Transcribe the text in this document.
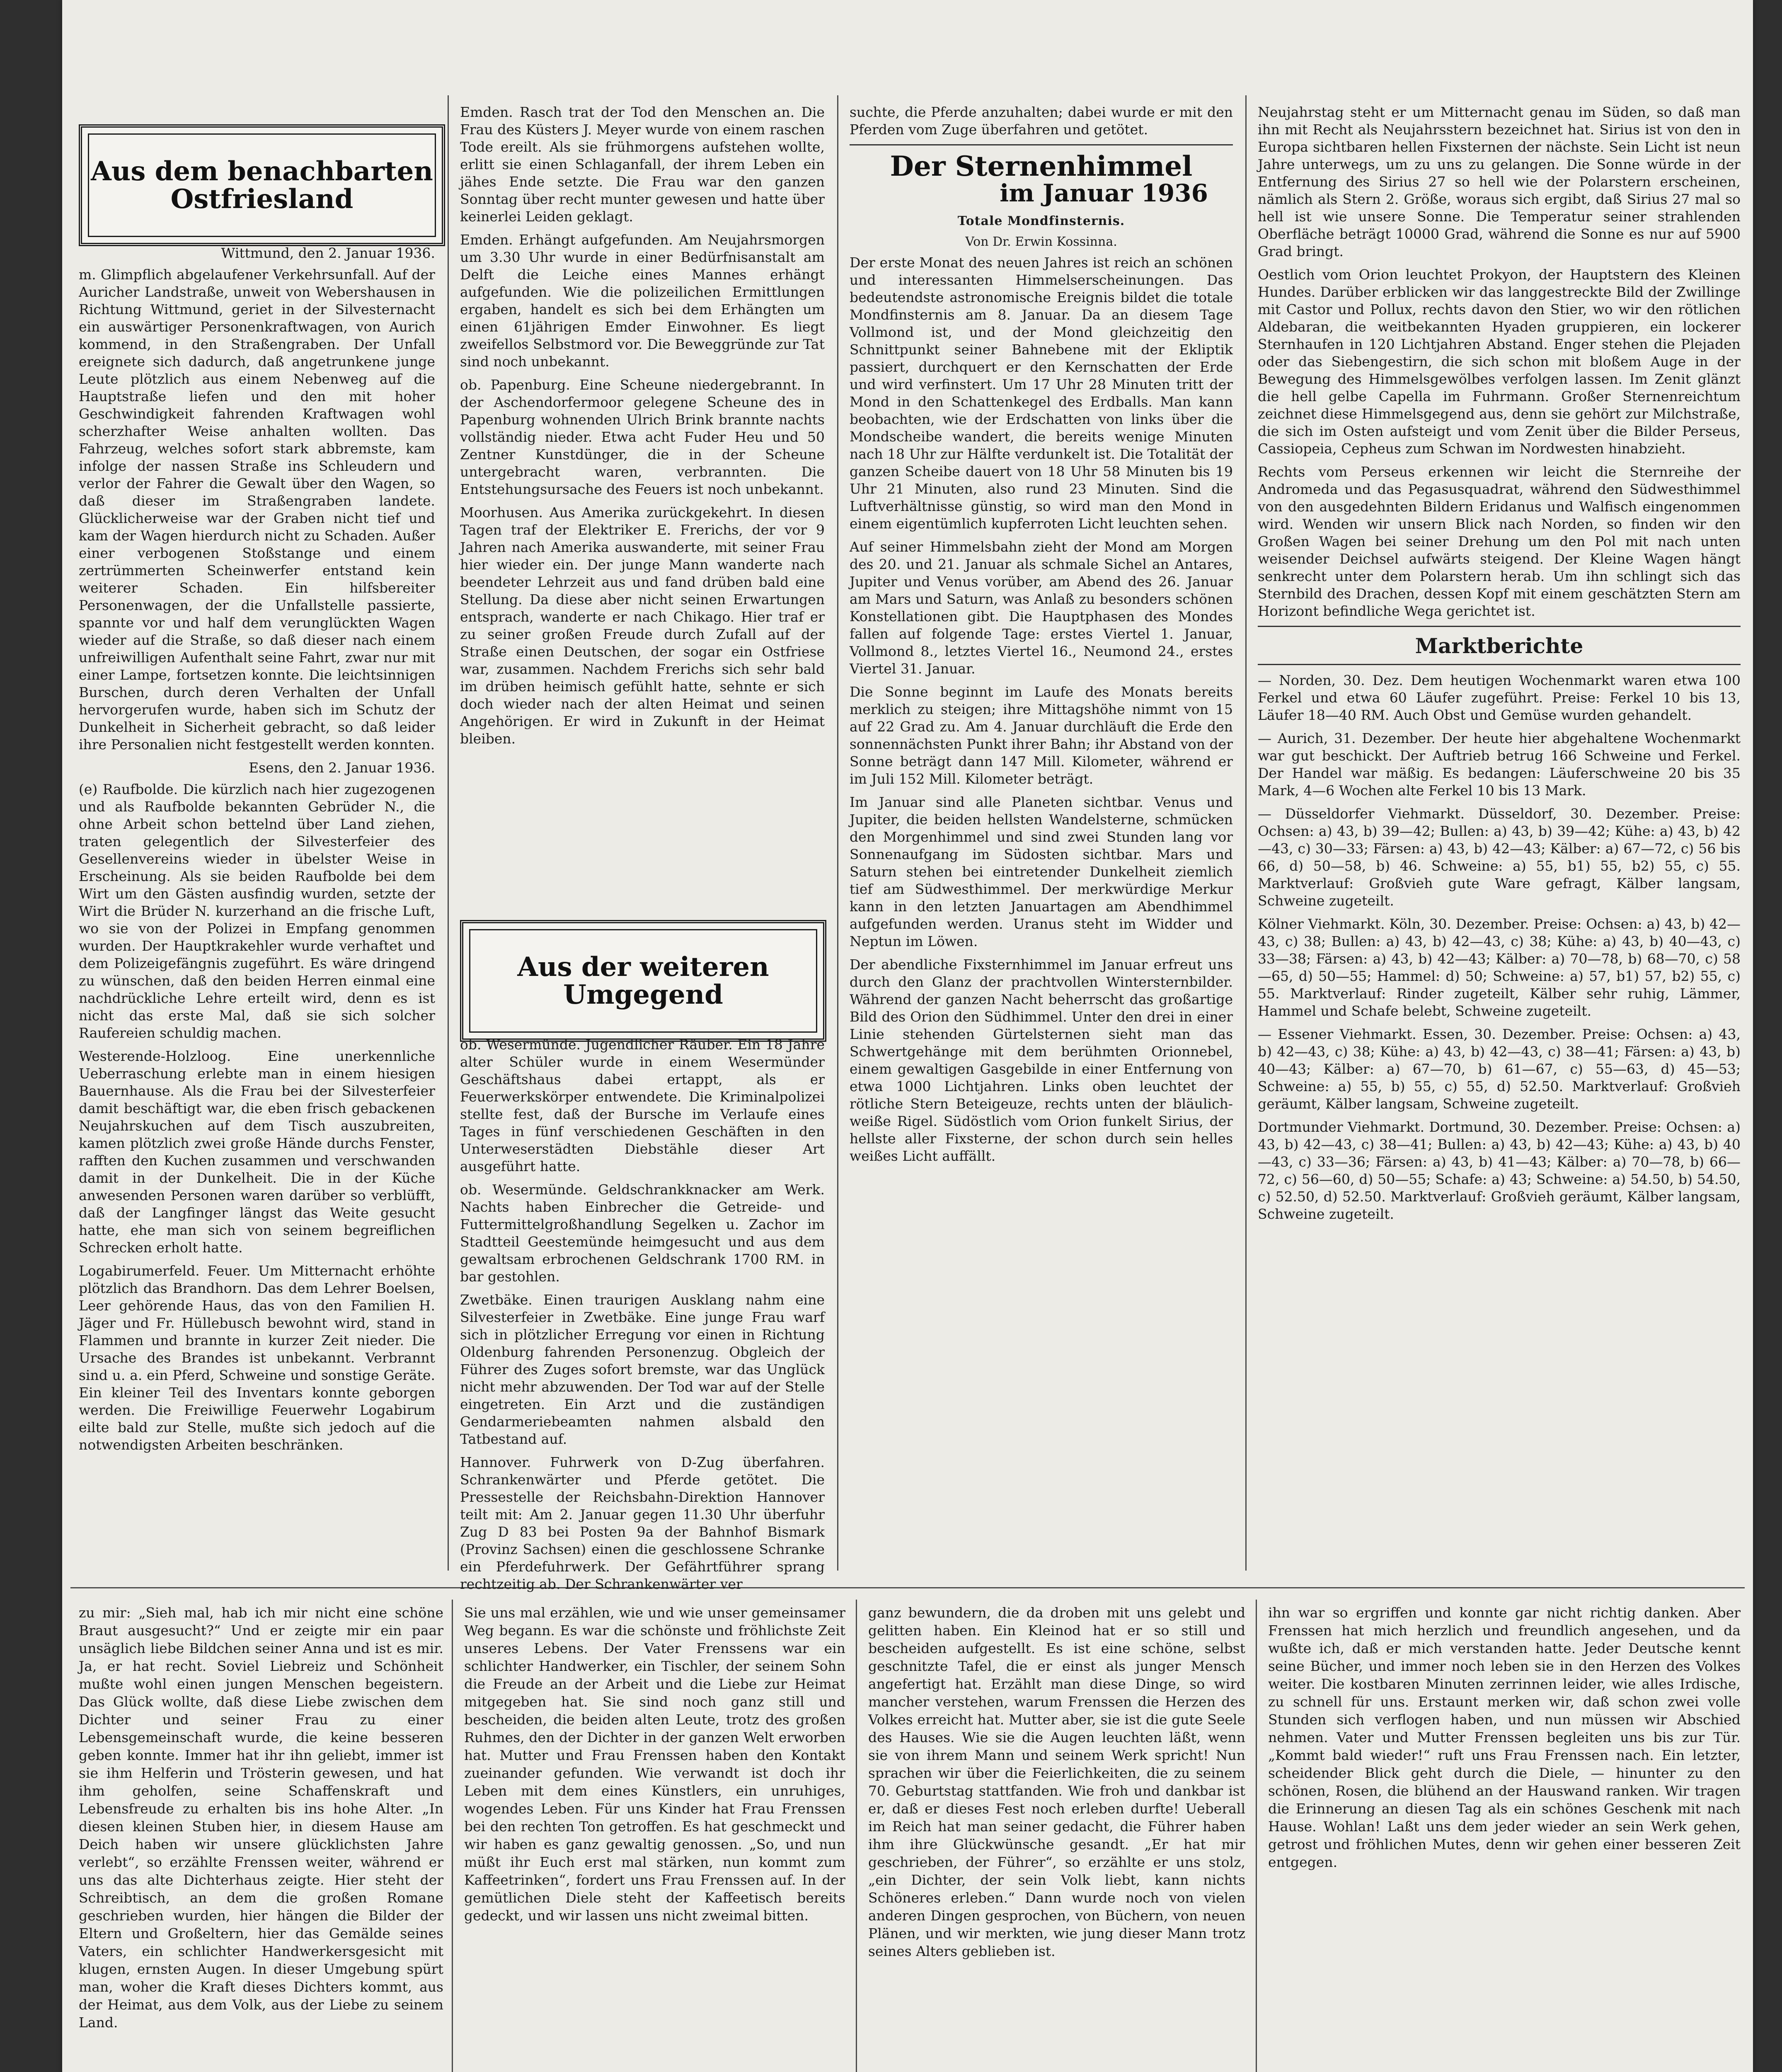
Aus dem benachbarten
Ostfriesland

Wittmund, den 2. Januar 1936.

m. Glimpflich abgelaufener Verkehrsunfall. Auf der Auricher Landstraße, unweit von Webershausen in Richtung Wittmund, geriet in der Silvesternacht ein auswärtiger Personenkraftwagen, von Aurich kommend, in den Straßengraben. Der Unfall ereignete sich dadurch, daß angetrunkene junge Leute plötzlich aus einem Nebenweg auf die Hauptstraße liefen und den mit hoher Geschwindigkeit fahrenden Kraftwagen wohl scherzhafter Weise anhalten wollten. Das Fahrzeug, welches sofort stark abbremste, kam infolge der nassen Straße ins Schleudern und verlor der Fahrer die Gewalt über den Wagen, so daß dieser im Straßengraben landete. Glücklicherweise war der Graben nicht tief und kam der Wagen hierdurch nicht zu Schaden. Außer einer verbogenen Stoßstange und einem zertrümmerten Scheinwerfer entstand kein weiterer Schaden. Ein hilfsbereiter Personenwagen, der die Unfallstelle passierte, spannte vor und half dem verunglückten Wagen wieder auf die Straße, so daß dieser nach einem unfreiwilligen Aufenthalt seine Fahrt, zwar nur mit einer Lampe, fortsetzen konnte. Die leichtsinnigen Burschen, durch deren Verhalten der Unfall hervorgerufen wurde, haben sich im Schutz der Dunkelheit in Sicherheit gebracht, so daß leider ihre Personalien nicht festgestellt werden konnten.

Esens, den 2. Januar 1936.

(e) Raufbolde. Die kürzlich nach hier zugezogenen und als Raufbolde bekannten Gebrüder N., die ohne Arbeit schon bettelnd über Land ziehen, traten gelegentlich der Silvesterfeier des Gesellenvereins wieder in übelster Weise in Erscheinung. Als sie beiden Raufbolde bei dem Wirt um den Gästen ausfindig wurden, setzte der Wirt die Brüder N. kurzerhand an die frische Luft, wo sie von der Polizei in Empfang genommen wurden. Der Hauptkrakehler wurde verhaftet und dem Polizeigefängnis zugeführt. Es wäre dringend zu wünschen, daß den beiden Herren einmal eine nachdrückliche Lehre erteilt wird, denn es ist nicht das erste Mal, daß sie sich solcher Raufereien schuldig machen.

Westerende-Holzloog. Eine unerkennliche Ueberraschung erlebte man in einem hiesigen Bauernhause. Als die Frau bei der Silvesterfeier damit beschäftigt war, die eben frisch gebackenen Neujahrskuchen auf dem Tisch auszubreiten, kamen plötzlich zwei große Hände durchs Fenster, rafften den Kuchen zusammen und verschwanden damit in der Dunkelheit. Die in der Küche anwesenden Personen waren darüber so verblüfft, daß der Langfinger längst das Weite gesucht hatte, ehe man sich von seinem begreiflichen Schrecken erholt hatte.

Logabirumerfeld. Feuer. Um Mitternacht erhöhte plötzlich das Brandhorn. Das dem Lehrer Boelsen, Leer gehörende Haus, das von den Familien H. Jäger und Fr. Hüllebusch bewohnt wird, stand in Flammen und brannte in kurzer Zeit nieder. Die Ursache des Brandes ist unbekannt. Verbrannt sind u. a. ein Pferd, Schweine und sonstige Geräte. Ein kleiner Teil des Inventars konnte geborgen werden. Die Freiwillige Feuerwehr Logabirum eilte bald zur Stelle, mußte sich jedoch auf die notwendigsten Arbeiten beschränken.

Emden. Rasch trat der Tod den Menschen an. Die Frau des Küsters J. Meyer wurde von einem raschen Tode ereilt. Als sie frühmorgens aufstehen wollte, erlitt sie einen Schlaganfall, der ihrem Leben ein jähes Ende setzte. Die Frau war den ganzen Sonntag über recht munter gewesen und hatte über keinerlei Leiden geklagt.

Emden. Erhängt aufgefunden. Am Neujahrsmorgen um 3.30 Uhr wurde in einer Bedürfnisanstalt am Delft die Leiche eines Mannes erhängt aufgefunden. Wie die polizeilichen Ermittlungen ergaben, handelt es sich bei dem Erhängten um einen 61jährigen Emder Einwohner. Es liegt zweifellos Selbstmord vor. Die Beweggründe zur Tat sind noch unbekannt.

ob. Papenburg. Eine Scheune niedergebrannt. In der Aschendorfermoor gelegene Scheune des in Papenburg wohnenden Ulrich Brink brannte nachts vollständig nieder. Etwa acht Fuder Heu und 50 Zentner Kunstdünger, die in der Scheune untergebracht waren, verbrannten. Die Entstehungsursache des Feuers ist noch unbekannt.

Moorhusen. Aus Amerika zurückgekehrt. In diesen Tagen traf der Elektriker E. Frerichs, der vor 9 Jahren nach Amerika auswanderte, mit seiner Frau hier wieder ein. Der junge Mann wanderte nach beendeter Lehrzeit aus und fand drüben bald eine Stellung. Da diese aber nicht seinen Erwartungen entsprach, wanderte er nach Chikago. Hier traf er zu seiner großen Freude durch Zufall auf der Straße einen Deutschen, der sogar ein Ostfriese war, zusammen. Nachdem Frerichs sich sehr bald im drüben heimisch gefühlt hatte, sehnte er sich doch wieder nach der alten Heimat und seinen Angehörigen. Er wird in Zukunft in der Heimat bleiben.

Aus der weiteren
Umgegend

ob. Wesermünde. Jugendlicher Räuber. Ein 18 Jahre alter Schüler wurde in einem Wesermünder Geschäftshaus dabei ertappt, als er Feuerwerkskörper entwendete. Die Kriminalpolizei stellte fest, daß der Bursche im Verlaufe eines Tages in fünf verschiedenen Geschäften in den Unterweserstädten Diebstähle dieser Art ausgeführt hatte.

ob. Wesermünde. Geldschrankknacker am Werk. Nachts haben Einbrecher die Getreide- und Futtermittelgroßhandlung Segelken u. Zachor im Stadtteil Geestemünde heimgesucht und aus dem gewaltsam erbrochenen Geldschrank 1700 RM. in bar gestohlen.

Zwetbäke. Einen traurigen Ausklang nahm eine Silvesterfeier in Zwetbäke. Eine junge Frau warf sich in plötzlicher Erregung vor einen in Richtung Oldenburg fahrenden Personenzug. Obgleich der Führer des Zuges sofort bremste, war das Unglück nicht mehr abzuwenden. Der Tod war auf der Stelle eingetreten. Ein Arzt und die zuständigen Gendarmeriebeamten nahmen alsbald den Tatbestand auf.

Hannover. Fuhrwerk von D-Zug überfahren. Schrankenwärter und Pferde getötet. Die Pressestelle der Reichsbahn-Direktion Hannover teilt mit: Am 2. Januar gegen 11.30 Uhr überfuhr Zug D 83 bei Posten 9a der Bahnhof Bismark (Provinz Sachsen) einen die geschlossene Schranke ein Pferdefuhrwerk. Der Gefährtführer sprang rechtzeitig ab. Der Schrankenwärter ver

suchte, die Pferde anzuhalten; dabei wurde er mit den Pferden vom Zuge überfahren und getötet.

Der Sternenhimmel
im Januar 1936

Totale Mondfinsternis.

Von Dr. Erwin Kossinna.

Der erste Monat des neuen Jahres ist reich an schönen und interessanten Himmelserscheinungen. Das bedeutendste astronomische Ereignis bildet die totale Mondfinsternis am 8. Januar. Da an diesem Tage Vollmond ist, und der Mond gleichzeitig den Schnittpunkt seiner Bahnebene mit der Ekliptik passiert, durchquert er den Kernschatten der Erde und wird verfinstert. Um 17 Uhr 28 Minuten tritt der Mond in den Schattenkegel des Erdballs. Man kann beobachten, wie der Erdschatten von links über die Mondscheibe wandert, die bereits wenige Minuten nach 18 Uhr zur Hälfte verdunkelt ist. Die Totalität der ganzen Scheibe dauert von 18 Uhr 58 Minuten bis 19 Uhr 21 Minuten, also rund 23 Minuten. Sind die Luftverhältnisse günstig, so wird man den Mond in einem eigentümlich kupferroten Licht leuchten sehen.

Auf seiner Himmelsbahn zieht der Mond am Morgen des 20. und 21. Januar als schmale Sichel an Antares, Jupiter und Venus vorüber, am Abend des 26. Januar am Mars und Saturn, was Anlaß zu besonders schönen Konstellationen gibt. Die Hauptphasen des Mondes fallen auf folgende Tage: erstes Viertel 1. Januar, Vollmond 8., letztes Viertel 16., Neumond 24., erstes Viertel 31. Januar.

Die Sonne beginnt im Laufe des Monats bereits merklich zu steigen; ihre Mittagshöhe nimmt von 15 auf 22 Grad zu. Am 4. Januar durchläuft die Erde den sonnennächsten Punkt ihrer Bahn; ihr Abstand von der Sonne beträgt dann 147 Mill. Kilometer, während er im Juli 152 Mill. Kilometer beträgt.

Im Januar sind alle Planeten sichtbar. Venus und Jupiter, die beiden hellsten Wandelsterne, schmücken den Morgenhimmel und sind zwei Stunden lang vor Sonnenaufgang im Südosten sichtbar. Mars und Saturn stehen bei eintretender Dunkelheit ziemlich tief am Südwesthimmel. Der merkwürdige Merkur kann in den letzten Januartagen am Abendhimmel aufgefunden werden. Uranus steht im Widder und Neptun im Löwen.

Der abendliche Fixsternhimmel im Januar erfreut uns durch den Glanz der prachtvollen Wintersternbilder. Während der ganzen Nacht beherrscht das großartige Bild des Orion den Südhimmel. Unter den drei in einer Linie stehenden Gürtelsternen sieht man das Schwertgehänge mit dem berühmten Orionnebel, einem gewaltigen Gasgebilde in einer Entfernung von etwa 1000 Lichtjahren. Links oben leuchtet der rötliche Stern Beteigeuze, rechts unten der bläulich-weiße Rigel. Südöstlich vom Orion funkelt Sirius, der hellste aller Fixsterne, der schon durch sein helles weißes Licht auffällt.

Neujahrstag steht er um Mitternacht genau im Süden, so daß man ihn mit Recht als Neujahrsstern bezeichnet hat. Sirius ist von den in Europa sichtbaren hellen Fixsternen der nächste. Sein Licht ist neun Jahre unterwegs, um zu uns zu gelangen. Die Sonne würde in der Entfernung des Sirius 27 so hell wie der Polarstern erscheinen, nämlich als Stern 2. Größe, woraus sich ergibt, daß Sirius 27 mal so hell ist wie unsere Sonne. Die Temperatur seiner strahlenden Oberfläche beträgt 10000 Grad, während die Sonne es nur auf 5900 Grad bringt.

Oestlich vom Orion leuchtet Prokyon, der Hauptstern des Kleinen Hundes. Darüber erblicken wir das langgestreckte Bild der Zwillinge mit Castor und Pollux, rechts davon den Stier, wo wir den rötlichen Aldebaran, die weitbekannten Hyaden gruppieren, ein lockerer Sternhaufen in 120 Lichtjahren Abstand. Enger stehen die Plejaden oder das Siebengestirn, die sich schon mit bloßem Auge in der Bewegung des Himmelsgewölbes verfolgen lassen. Im Zenit glänzt die hell gelbe Capella im Fuhrmann. Großer Sternenreichtum zeichnet diese Himmelsgegend aus, denn sie gehört zur Milchstraße, die sich im Osten aufsteigt und vom Zenit über die Bilder Perseus, Cassiopeia, Cepheus zum Schwan im Nordwesten hinabzieht.

Rechts vom Perseus erkennen wir leicht die Sternreihe der Andromeda und das Pegasusquadrat, während den Südwesthimmel von den ausgedehnten Bildern Eridanus und Walfisch eingenommen wird. Wenden wir unsern Blick nach Norden, so finden wir den Großen Wagen bei seiner Drehung um den Pol mit nach unten weisender Deichsel aufwärts steigend. Der Kleine Wagen hängt senkrecht unter dem Polarstern herab. Um ihn schlingt sich das Sternbild des Drachen, dessen Kopf mit einem geschätzten Stern am Horizont befindliche Wega gerichtet ist.

Marktberichte

— Norden, 30. Dez. Dem heutigen Wochenmarkt waren etwa 100 Ferkel und etwa 60 Läufer zugeführt. Preise: Ferkel 10 bis 13, Läufer 18—40 RM. Auch Obst und Gemüse wurden gehandelt.

— Aurich, 31. Dezember. Der heute hier abgehaltene Wochenmarkt war gut beschickt. Der Auftrieb betrug 166 Schweine und Ferkel. Der Handel war mäßig. Es bedangen: Läuferschweine 20 bis 35 Mark, 4—6 Wochen alte Ferkel 10 bis 13 Mark.

— Düsseldorfer Viehmarkt. Düsseldorf, 30. Dezember. Preise: Ochsen: a) 43, b) 39—42; Bullen: a) 43, b) 39—42; Kühe: a) 43, b) 42—43, c) 30—33; Färsen: a) 43, b) 42—43; Kälber: a) 67—72, c) 56 bis 66, d) 50—58, b) 46. Schweine: a) 55, b1) 55, b2) 55, c) 55. Marktverlauf: Großvieh gute Ware gefragt, Kälber langsam, Schweine zugeteilt.

Kölner Viehmarkt. Köln, 30. Dezember. Preise: Ochsen: a) 43, b) 42—43, c) 38; Bullen: a) 43, b) 42—43, c) 38; Kühe: a) 43, b) 40—43, c) 33—38; Färsen: a) 43, b) 42—43; Kälber: a) 70—78, b) 68—70, c) 58—65, d) 50—55; Hammel: d) 50; Schweine: a) 57, b1) 57, b2) 55, c) 55. Marktverlauf: Rinder zugeteilt, Kälber sehr ruhig, Lämmer, Hammel und Schafe belebt, Schweine zugeteilt.

— Essener Viehmarkt. Essen, 30. Dezember. Preise: Ochsen: a) 43, b) 42—43, c) 38; Kühe: a) 43, b) 42—43, c) 38—41; Färsen: a) 43, b) 40—43; Kälber: a) 67—70, b) 61—67, c) 55—63, d) 45—53; Schweine: a) 55, b) 55, c) 55, d) 52.50. Marktverlauf: Großvieh geräumt, Kälber langsam, Schweine zugeteilt.

Dortmunder Viehmarkt. Dortmund, 30. Dezember. Preise: Ochsen: a) 43, b) 42—43, c) 38—41; Bullen: a) 43, b) 42—43; Kühe: a) 43, b) 40—43, c) 33—36; Färsen: a) 43, b) 41—43; Kälber: a) 70—78, b) 66—72, c) 56—60, d) 50—55; Schafe: a) 43; Schweine: a) 54.50, b) 54.50, c) 52.50, d) 52.50. Marktverlauf: Großvieh geräumt, Kälber langsam, Schweine zugeteilt.

zu mir: „Sieh mal, hab ich mir nicht eine schöne Braut ausgesucht?“ Und er zeigte mir ein paar unsäglich liebe Bildchen seiner Anna und ist es mir. Ja, er hat recht. Soviel Liebreiz und Schönheit mußte wohl einen jungen Menschen begeistern. Das Glück wollte, daß diese Liebe zwischen dem Dichter und seiner Frau zu einer Lebensgemeinschaft wurde, die keine besseren geben konnte. Immer hat ihr ihn geliebt, immer ist sie ihm Helferin und Trösterin gewesen, und hat ihm geholfen, seine Schaffenskraft und Lebensfreude zu erhalten bis ins hohe Alter. „In diesen kleinen Stuben hier, in diesem Hause am Deich haben wir unsere glücklichsten Jahre verlebt“, so erzählte Frenssen weiter, während er uns das alte Dichterhaus zeigte. Hier steht der Schreibtisch, an dem die großen Romane geschrieben wurden, hier hängen die Bilder der Eltern und Großeltern, hier das Gemälde seines Vaters, ein schlichter Handwerkersgesicht mit klugen, ernsten Augen. In dieser Umgebung spürt man, woher die Kraft dieses Dichters kommt, aus der Heimat, aus dem Volk, aus der Liebe zu seinem Land.

Sie uns mal erzählen, wie und wie unser gemeinsamer Weg begann. Es war die schönste und fröhlichste Zeit unseres Lebens. Der Vater Frenssens war ein schlichter Handwerker, ein Tischler, der seinem Sohn die Freude an der Arbeit und die Liebe zur Heimat mitgegeben hat. Sie sind noch ganz still und bescheiden, die beiden alten Leute, trotz des großen Ruhmes, den der Dichter in der ganzen Welt erworben hat. Mutter und Frau Frenssen haben den Kontakt zueinander gefunden. Wie verwandt ist doch ihr Leben mit dem eines Künstlers, ein unruhiges, wogendes Leben. Für uns Kinder hat Frau Frenssen bei den rechten Ton getroffen. Es hat geschmeckt und wir haben es ganz gewaltig genossen. „So, und nun müßt ihr Euch erst mal stärken, nun kommt zum Kaffeetrinken“, fordert uns Frau Frenssen auf. In der gemütlichen Diele steht der Kaffeetisch bereits gedeckt, und wir lassen uns nicht zweimal bitten.

ganz bewundern, die da droben mit uns gelebt und gelitten haben. Ein Kleinod hat er so still und bescheiden aufgestellt. Es ist eine schöne, selbst geschnitzte Tafel, die er einst als junger Mensch angefertigt hat. Erzählt man diese Dinge, so wird mancher verstehen, warum Frenssen die Herzen des Volkes erreicht hat. Mutter aber, sie ist die gute Seele des Hauses. Wie sie die Augen leuchten läßt, wenn sie von ihrem Mann und seinem Werk spricht! Nun sprachen wir über die Feierlichkeiten, die zu seinem 70. Geburtstag stattfanden. Wie froh und dankbar ist er, daß er dieses Fest noch erleben durfte! Ueberall im Reich hat man seiner gedacht, die Führer haben ihm ihre Glückwünsche gesandt. „Er hat mir geschrieben, der Führer“, so erzählte er uns stolz, „ein Dichter, der sein Volk liebt, kann nichts Schöneres erleben.“ Dann wurde noch von vielen anderen Dingen gesprochen, von Büchern, von neuen Plänen, und wir merkten, wie jung dieser Mann trotz seines Alters geblieben ist.

ihn war so ergriffen und konnte gar nicht richtig danken. Aber Frenssen hat mich herzlich und freundlich angesehen, und da wußte ich, daß er mich verstanden hatte. Jeder Deutsche kennt seine Bücher, und immer noch leben sie in den Herzen des Volkes weiter. Die kostbaren Minuten zerrinnen leider, wie alles Irdische, zu schnell für uns. Erstaunt merken wir, daß schon zwei volle Stunden sich verflogen haben, und nun müssen wir Abschied nehmen. Vater und Mutter Frenssen begleiten uns bis zur Tür. „Kommt bald wieder!“ ruft uns Frau Frenssen nach. Ein letzter, scheidender Blick geht durch die Diele, — hinunter zu den schönen, Rosen, die blühend an der Hauswand ranken. Wir tragen die Erinnerung an diesen Tag als ein schönes Geschenk mit nach Hause. Wohlan! Laßt uns dem jeder wieder an sein Werk gehen, getrost und fröhlichen Mutes, denn wir gehen einer besseren Zeit entgegen.
